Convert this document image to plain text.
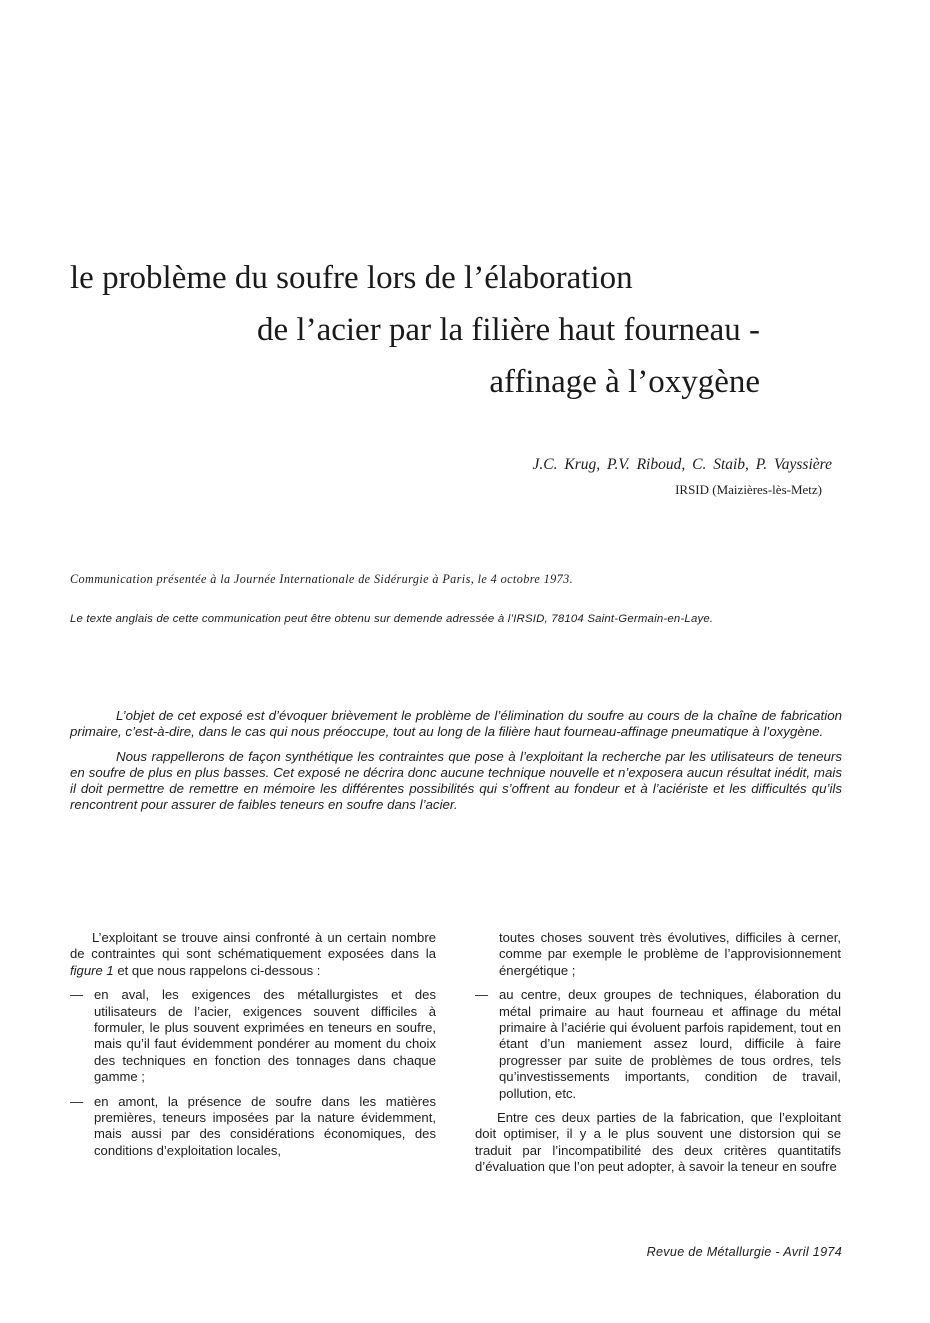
le problème du soufre lors de l’élaboration
de l’acier par la filière haut fourneau -
affinage à l’oxygène

J.C. Krug, P.V. Riboud, C. Staib, P. Vayssière

IRSID (Maizières-lès-Metz)

Communication présentée à la Journée Internationale de Sidérurgie à Paris, le 4 octobre 1973.

Le texte anglais de cette communication peut être obtenu sur demende adressée à l’IRSID, 78104 Saint-Germain-en-Laye.

L’objet de cet exposé est d’évoquer brièvement le problème de l’élimination du soufre au cours de la chaîne de fabrication primaire, c’est-à-dire, dans le cas qui nous préoccupe, tout au long de la filière haut fourneau-affinage pneumatique à l’oxygène.

Nous rappellerons de façon synthétique les contraintes que pose à l’exploitant la recherche par les utilisateurs de teneurs en soufre de plus en plus basses. Cet exposé ne décrira donc aucune technique nouvelle et n’exposera aucun résultat inédit, mais il doit permettre de remettre en mémoire les différentes possibilités qui s’offrent au fondeur et à l’aciériste et les difficultés qu’ils rencontrent pour assurer de faibles teneurs en soufre dans l’acier.

L’exploitant se trouve ainsi confronté à un certain nombre de contraintes qui sont schématiquement exposées dans la figure 1 et que nous rappelons ci-dessous :

— en aval, les exigences des métallurgistes et des utilisateurs de l’acier, exigences souvent difficiles à formuler, le plus souvent exprimées en teneurs en soufre, mais qu’il faut évidemment pondérer au moment du choix des techniques en fonction des tonnages dans chaque gamme ;
— en amont, la présence de soufre dans les matières premières, teneurs imposées par la nature évidemment, mais aussi par des considérations économiques, des conditions d’exploitation locales,

toutes choses souvent très évolutives, difficiles à cerner, comme par exemple le problème de l’approvisionnement énergétique ;

— au centre, deux groupes de techniques, élaboration du métal primaire au haut fourneau et affinage du métal primaire à l’aciérie qui évoluent parfois rapidement, tout en étant d’un maniement assez lourd, difficile à faire progresser par suite de problèmes de tous ordres, tels qu’investissements importants, condition de travail, pollution, etc.

Entre ces deux parties de la fabrication, que l’exploitant doit optimiser, il y a le plus souvent une distorsion qui se traduit par l’incompatibilité des deux critères quantitatifs d’évaluation que l’on peut adopter, à savoir la teneur en soufre

Revue de Métallurgie - Avril 1974
